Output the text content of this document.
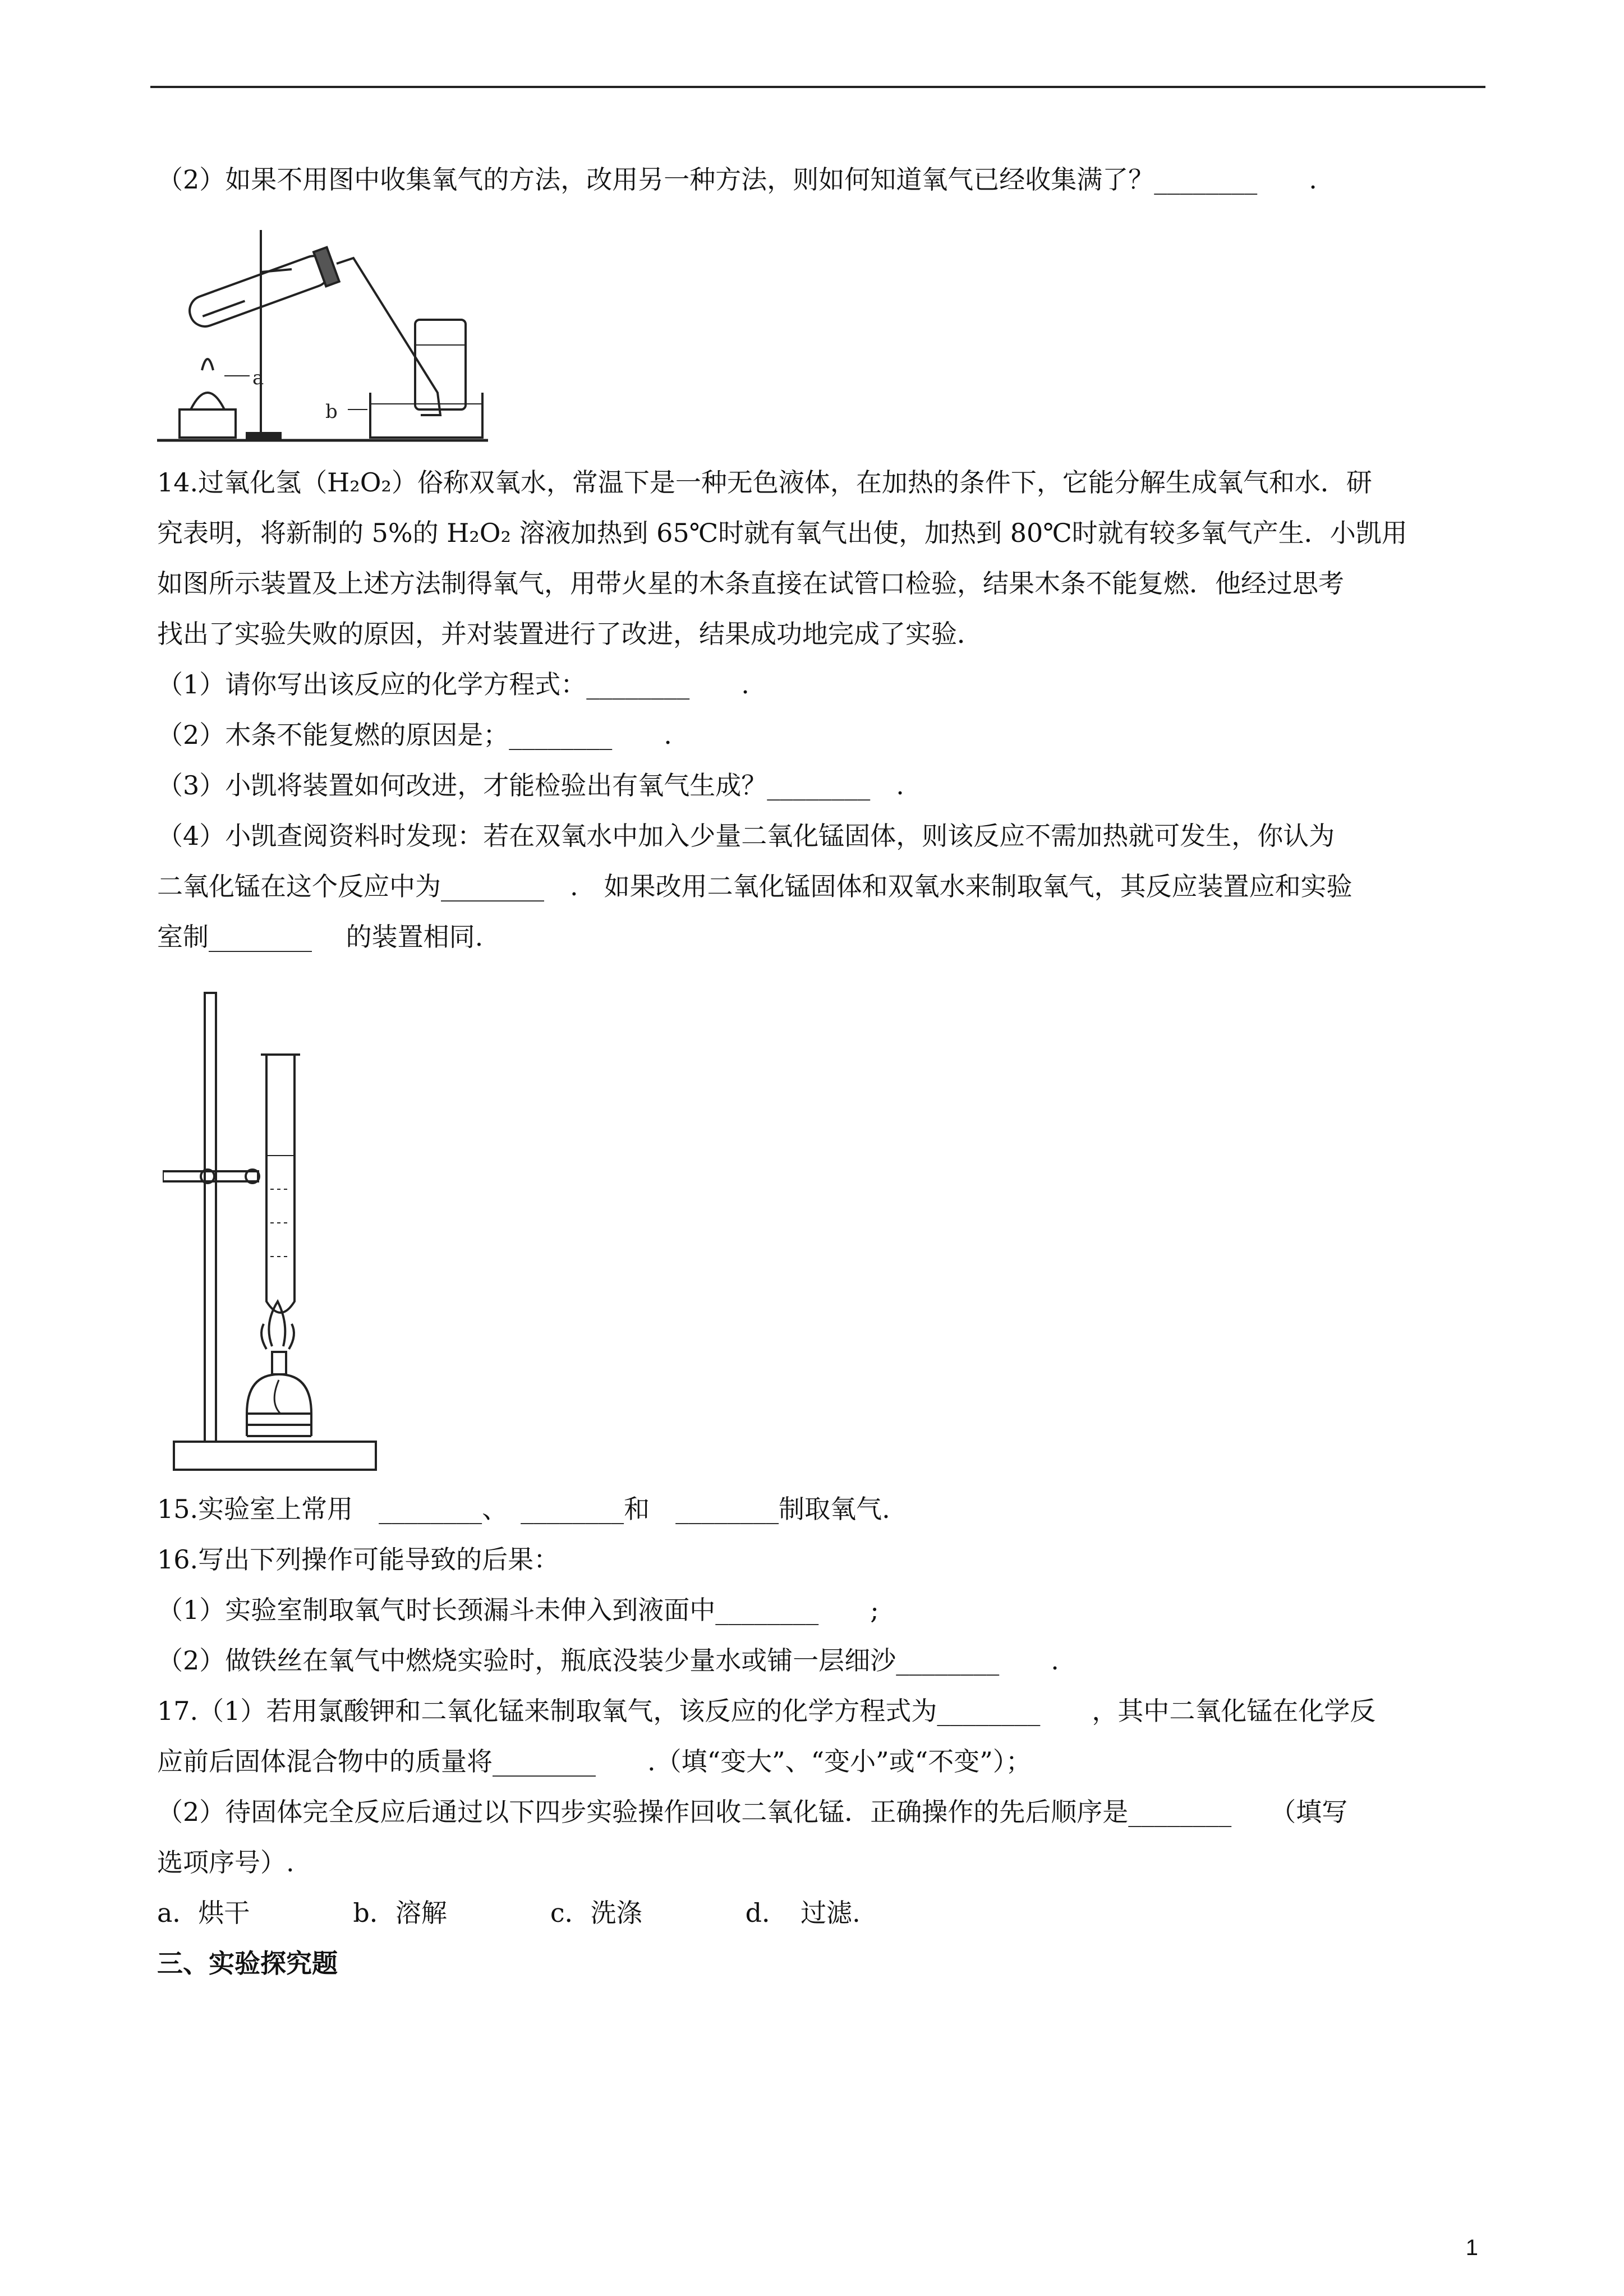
（2）如果不用图中收集氧气的方法，改用另一种方法，则如何知道氧气已经收集满了？________　　.
a
b
14.过氧化氢（H₂O₂）俗称双氧水，常温下是一种无色液体，在加热的条件下，它能分解生成氧气和水．研
究表明，将新制的 5%的 H₂O₂ 溶液加热到 65℃时就有氧气出使，加热到 80℃时就有较多氧气产生．小凯用
如图所示装置及上述方法制得氧气，用带火星的木条直接在试管口检验，结果木条不能复燃．他经过思考
找出了实验失败的原因，并对装置进行了改进，结果成功地完成了实验．
（1）请你写出该反应的化学方程式：________　　.
（2）木条不能复燃的原因是；________　　.
（3）小凯将装置如何改进，才能检验出有氧气生成？________　.
（4）小凯查阅资料时发现：若在双氧水中加入少量二氧化锰固体，则该反应不需加热就可发生，你认为
二氧化锰在这个反应中为________　.　如果改用二氧化锰固体和双氧水来制取氧气，其反应装置应和实验
室制________　 的装置相同.
15.实验室上常用　________、　________和　________制取氧气.
16.写出下列操作可能导致的后果：
（1）实验室制取氧气时长颈漏斗未伸入到液面中________　　;
（2）做铁丝在氧气中燃烧实验时，瓶底没装少量水或铺一层细沙________　　.
17.（1）若用氯酸钾和二氧化锰来制取氧气，该反应的化学方程式为________　　，其中二氧化锰在化学反
应前后固体混合物中的质量将________　　.（填“变大”、“变小”或“不变”）；
（2）待固体完全反应后通过以下四步实验操作回收二氧化锰．正确操作的先后顺序是________　　（填写
选项序号）.
a．烘干　　　　b．溶解　　　　c．洗涤　　　　d．　过滤.
三、实验探究题
1
